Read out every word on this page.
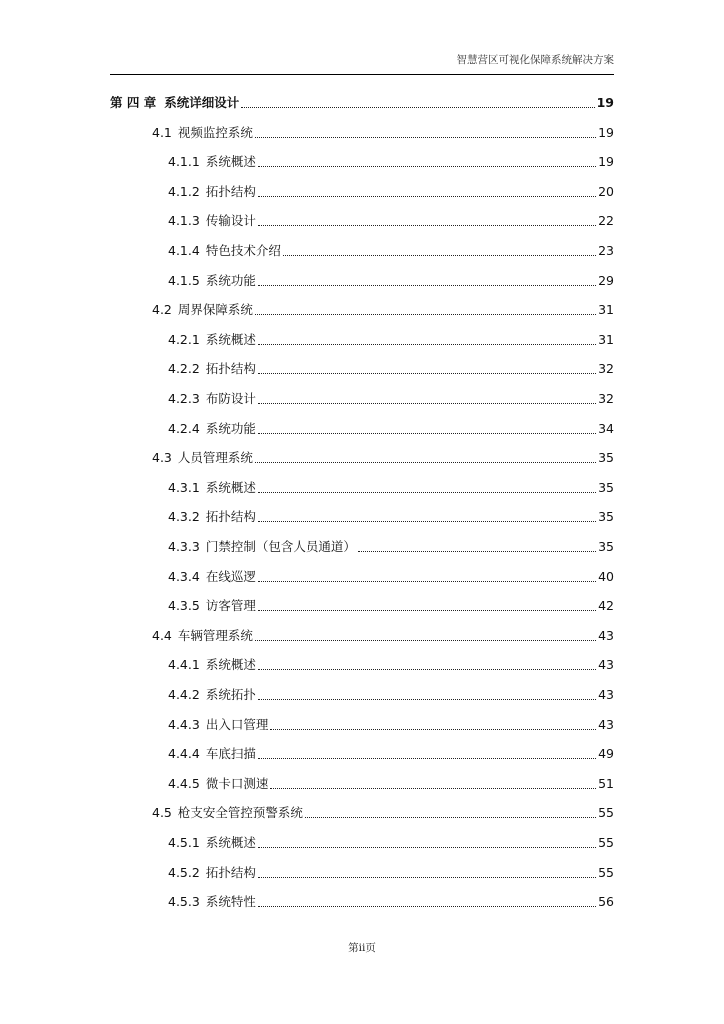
智慧营区可视化保障系统解决方案
第 四 章 系统详细设计	19
4.1 视频监控系统	19
4.1.1 系统概述	19
4.1.2 拓扑结构	20
4.1.3 传输设计	22
4.1.4 特色技术介绍	23
4.1.5 系统功能	29
4.2 周界保障系统	31
4.2.1 系统概述	31
4.2.2 拓扑结构	32
4.2.3 布防设计	32
4.2.4 系统功能	34
4.3 人员管理系统	35
4.3.1 系统概述	35
4.3.2 拓扑结构	35
4.3.3 门禁控制（包含人员通道）	35
4.3.4 在线巡逻	40
4.3.5 访客管理	42
4.4 车辆管理系统	43
4.4.1 系统概述	43
4.4.2 系统拓扑	43
4.4.3 出入口管理	43
4.4.4 车底扫描	49
4.4.5 微卡口测速	51
4.5 枪支安全管控预警系统	55
4.5.1 系统概述	55
4.5.2 拓扑结构	55
4.5.3 系统特性	56
第ii页
